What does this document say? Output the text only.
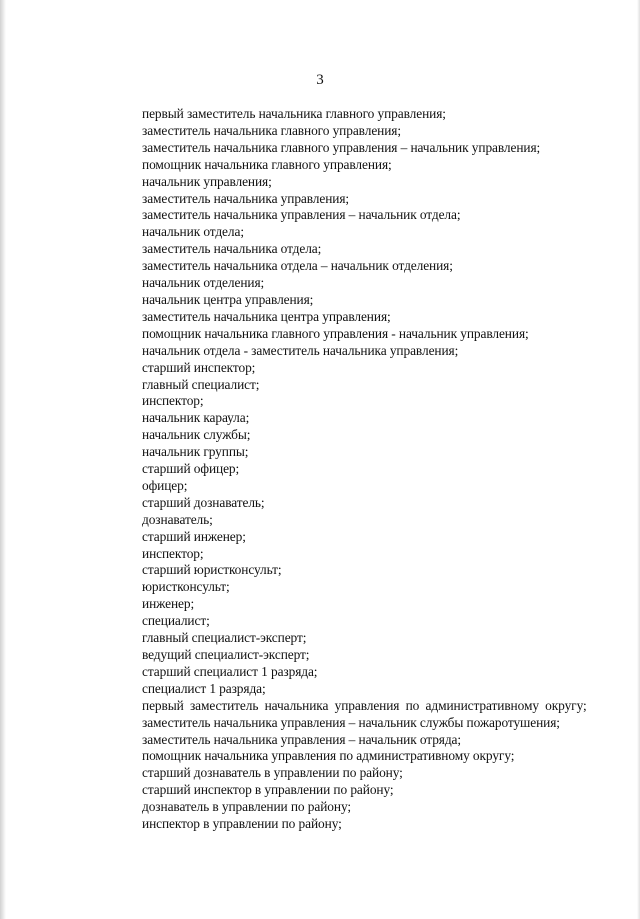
3
первый заместитель начальника главного управления;
заместитель начальника главного управления;
заместитель начальника главного управления – начальник управления;
помощник начальника главного управления;
начальник управления;
заместитель начальника управления;
заместитель начальника управления – начальник отдела;
начальник отдела;
заместитель начальника отдела;
заместитель начальника отдела – начальник отделения;
начальник отделения;
начальник центра управления;
заместитель начальника центра управления;
помощник начальника главного управления - начальник управления;
начальник отдела - заместитель начальника управления;
старший инспектор;
главный специалист;
инспектор;
начальник караула;
начальник службы;
начальник группы;
старший офицер;
офицер;
старший дознаватель;
дознаватель;
старший инженер;
инспектор;
старший юристконсульт;
юристконсульт;
инженер;
специалист;
главный специалист-эксперт;
ведущий специалист-эксперт;
старший специалист 1 разряда;
специалист 1 разряда;
первый заместитель начальника управления по административному округу;
заместитель начальника управления – начальник службы пожаротушения;
заместитель начальника управления – начальник отряда;
помощник начальника управления по административному округу;
старший дознаватель в управлении по району;
старший инспектор в управлении по району;
дознаватель в управлении по району;
инспектор в управлении по району;
